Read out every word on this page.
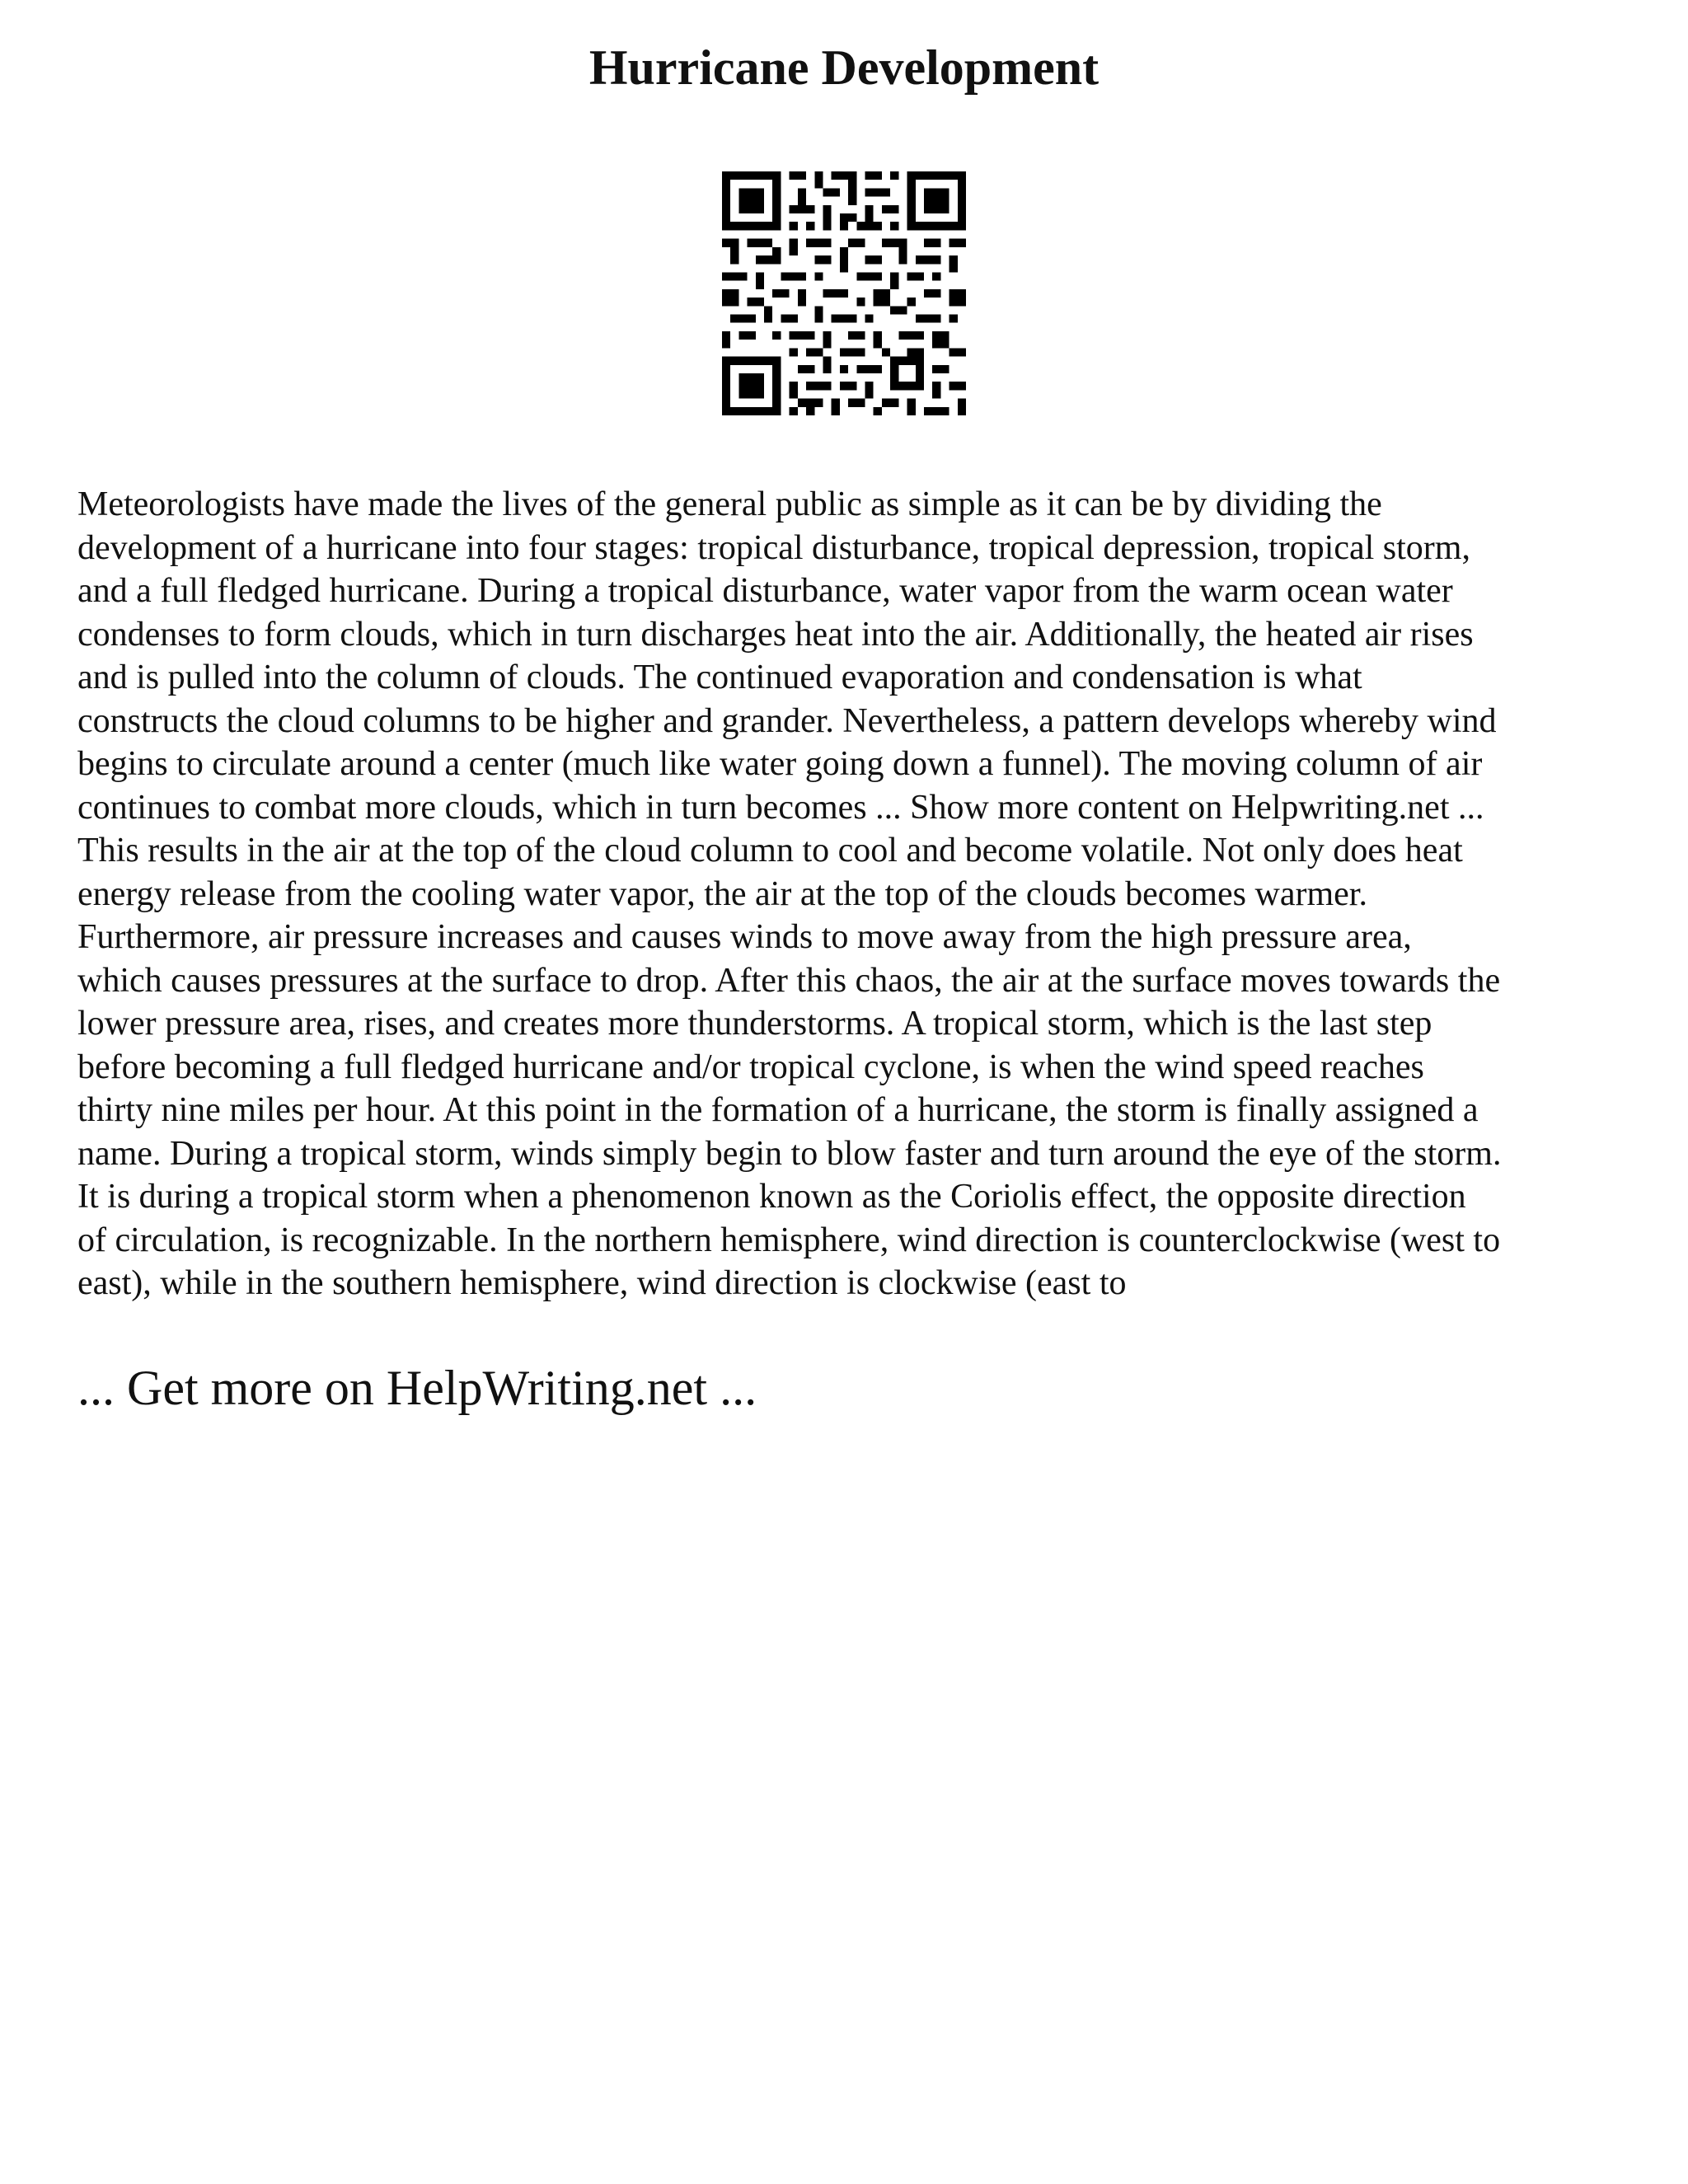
Hurricane Development
Meteorologists have made the lives of the general public as simple as it can be by dividing the
development of a hurricane into four stages: tropical disturbance, tropical depression, tropical storm,
and a full fledged hurricane. During a tropical disturbance, water vapor from the warm ocean water
condenses to form clouds, which in turn discharges heat into the air. Additionally, the heated air rises
and is pulled into the column of clouds. The continued evaporation and condensation is what
constructs the cloud columns to be higher and grander. Nevertheless, a pattern develops whereby wind
begins to circulate around a center (much like water going down a funnel). The moving column of air
continues to combat more clouds, which in turn becomes ... Show more content on Helpwriting.net ...
This results in the air at the top of the cloud column to cool and become volatile. Not only does heat
energy release from the cooling water vapor, the air at the top of the clouds becomes warmer.
Furthermore, air pressure increases and causes winds to move away from the high pressure area,
which causes pressures at the surface to drop. After this chaos, the air at the surface moves towards the
lower pressure area, rises, and creates more thunderstorms. A tropical storm, which is the last step
before becoming a full fledged hurricane and/or tropical cyclone, is when the wind speed reaches
thirty nine miles per hour. At this point in the formation of a hurricane, the storm is finally assigned a
name. During a tropical storm, winds simply begin to blow faster and turn around the eye of the storm.
It is during a tropical storm when a phenomenon known as the Coriolis effect, the opposite direction
of circulation, is recognizable. In the northern hemisphere, wind direction is counterclockwise (west to
east), while in the southern hemisphere, wind direction is clockwise (east to
... Get more on HelpWriting.net ...
